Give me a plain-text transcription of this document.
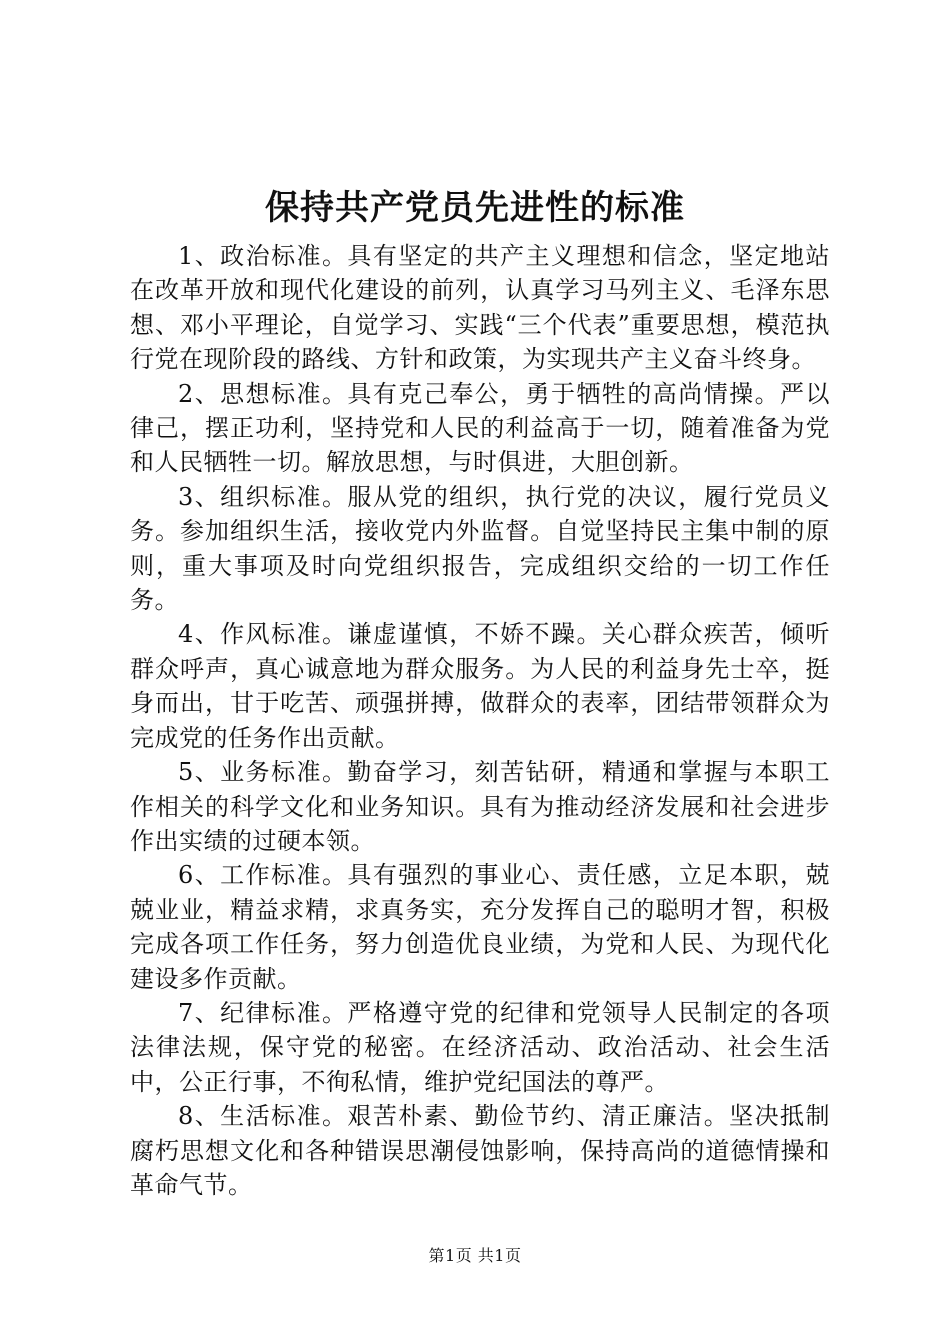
保持共产党员先进性的标准

1、政治标准。具有坚定的共产主义理想和信念，坚定地站在改革开放和现代化建设的前列，认真学习马列主义、毛泽东思想、邓小平理论，自觉学习、实践“三个代表”重要思想，模范执行党在现阶段的路线、方针和政策，为实现共产主义奋斗终身。

2、思想标准。具有克己奉公，勇于牺牲的高尚情操。严以律己，摆正功利，坚持党和人民的利益高于一切，随着准备为党和人民牺牲一切。解放思想，与时俱进，大胆创新。

3、组织标准。服从党的组织，执行党的决议，履行党员义务。参加组织生活，接收党内外监督。自觉坚持民主集中制的原则，重大事项及时向党组织报告，完成组织交给的一切工作任务。

4、作风标准。谦虚谨慎，不娇不躁。关心群众疾苦，倾听群众呼声，真心诚意地为群众服务。为人民的利益身先士卒，挺身而出，甘于吃苦、顽强拼搏，做群众的表率，团结带领群众为完成党的任务作出贡献。

5、业务标准。勤奋学习，刻苦钻研，精通和掌握与本职工作相关的科学文化和业务知识。具有为推动经济发展和社会进步作出实绩的过硬本领。

6、工作标准。具有强烈的事业心、责任感，立足本职，兢兢业业，精益求精，求真务实，充分发挥自己的聪明才智，积极完成各项工作任务，努力创造优良业绩，为党和人民、为现代化建设多作贡献。

7、纪律标准。严格遵守党的纪律和党领导人民制定的各项法律法规，保守党的秘密。在经济活动、政治活动、社会生活中，公正行事，不徇私情，维护党纪国法的尊严。

8、生活标准。艰苦朴素、勤俭节约、清正廉洁。坚决抵制腐朽思想文化和各种错误思潮侵蚀影响，保持高尚的道德情操和革命气节。

第1页 共1页
